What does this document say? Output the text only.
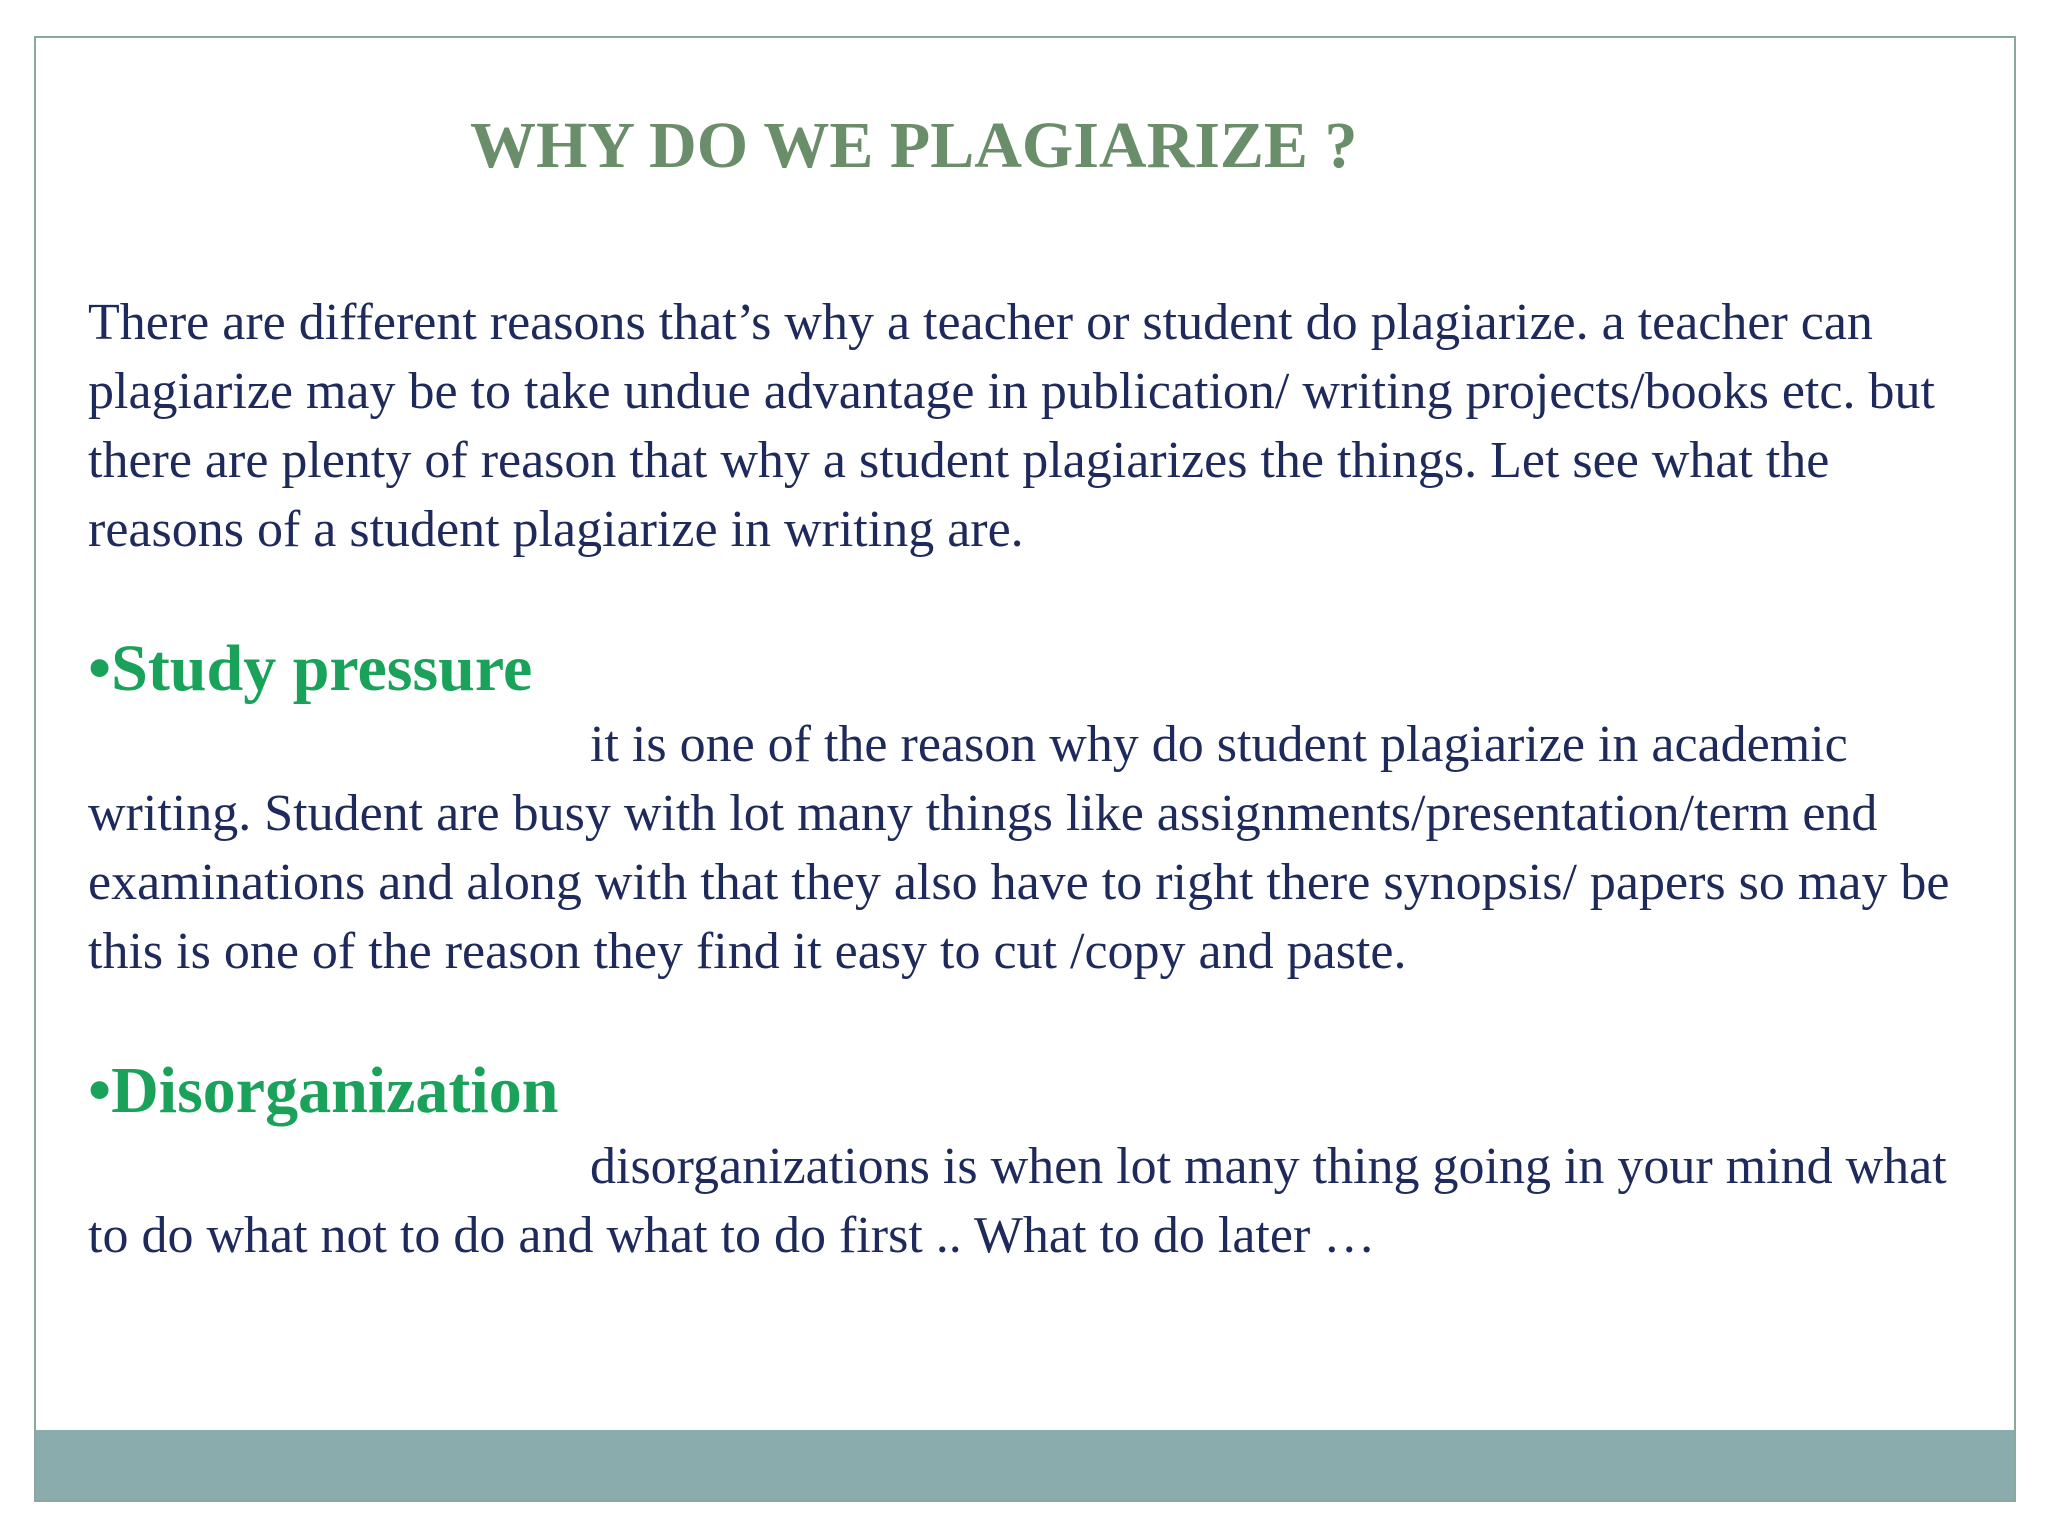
WHY DO WE PLAGIARIZE ?

There are different reasons that’s why a teacher or student do plagiarize. a teacher can plagiarize may be to take undue advantage in publication/ writing projects/books etc. but there are plenty of reason that why a student plagiarizes the things. Let see what the reasons of a student plagiarize in writing are.

•Study pressure

it is one of the reason why do student plagiarize in academic writing. Student are busy with lot many things like assignments/presentation/term end examinations and along with that they also have to right there synopsis/ papers so may be this is one of the reason they find it easy to cut /copy and paste.

•Disorganization

disorganizations is when lot many thing going in your mind what to do what not to do and what to do first .. What to do later …
